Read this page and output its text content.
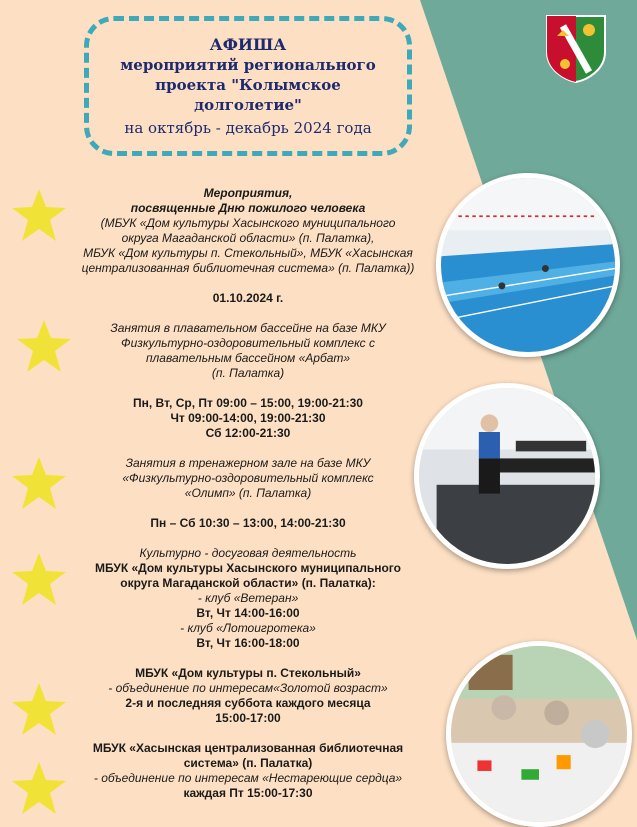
АФИША
мероприятий регионального
проекта "Колымское
долголетие"
на октябрь - декабрь 2024 года

Мероприятия,

посвященные Дню пожилого человека

(МБУК «Дом культуры Хасынского муниципального

округа Магаданской области» (п. Палатка),

МБУК «Дом культуры п. Стекольный», МБУК «Хасынская

централизованная библиотечная система» (п. Палатка))

01.10.2024 г.

Занятия в плавательном бассейне на базе МКУ

Физкультурно-оздоровительный комплекс с

плавательным бассейном «Арбат»

(п. Палатка)

Пн, Вт, Ср, Пт 09:00 – 15:00, 19:00-21:30

Чт 09:00-14:00, 19:00-21:30

Сб 12:00-21:30

Занятия в тренажерном зале на базе МКУ

«Физкультурно-оздоровительный комплекс

«Олимп» (п. Палатка)

Пн – Сб 10:30 – 13:00, 14:00-21:30

Культурно - досуговая деятельность

МБУК «Дом культуры Хасынского муниципального

округа Магаданской области» (п. Палатка):

- клуб «Ветеран»

Вт, Чт 14:00-16:00

- клуб «Лотоигротека»

Вт, Чт 16:00-18:00

МБУК «Дом культуры п. Стекольный»

- объединение по интересам«Золотой возраст»

2-я и последняя суббота каждого месяца

15:00-17:00

МБУК «Хасынская централизованная библиотечная

система» (п. Палатка)

- объединение по интересам «Нестареющие сердца»

каждая Пт 15:00-17:30
